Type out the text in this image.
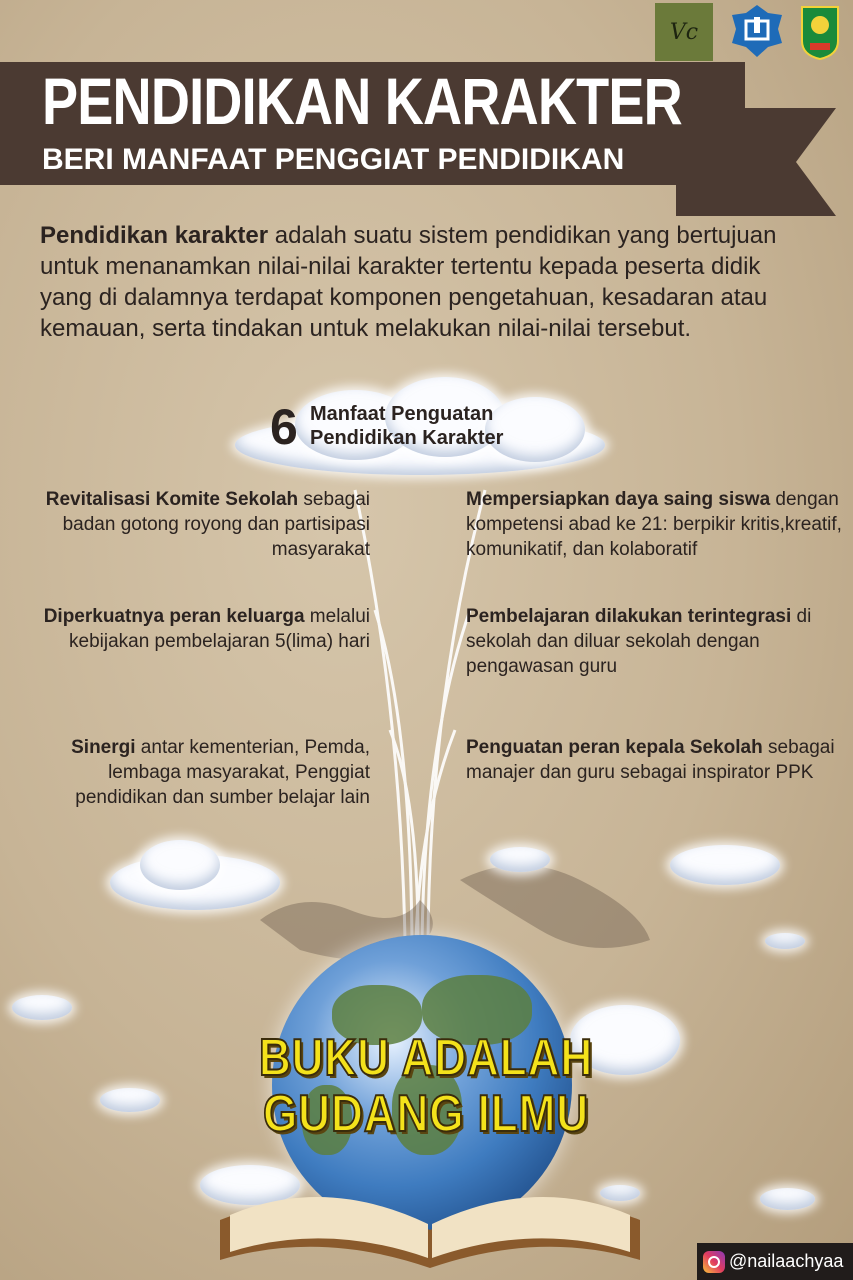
Vc
PENDIDIKAN KARAKTER
BERI MANFAAT PENGGIAT PENDIDIKAN

Pendidikan karakter adalah suatu sistem pendidikan yang bertujuan untuk menanamkan nilai-nilai karakter tertentu kepada peserta didik yang di dalamnya terdapat komponen pengetahuan, kesadaran atau kemauan, serta tindakan untuk melakukan nilai-nilai tersebut.

6 Manfaat Penguatan
Pendidikan Karakter
Revitalisasi Komite Sekolah sebagai badan gotong royong dan partisipasi masyarakat
Diperkuatnya peran keluarga melalui kebijakan pembelajaran 5(lima) hari
Sinergi antar kementerian, Pemda, lembaga masyarakat, Penggiat pendidikan dan sumber belajar lain
Mempersiapkan daya saing siswa dengan kompetensi abad ke 21: berpikir kritis,kreatif, komunikatif, dan kolaboratif
Pembelajaran dilakukan terintegrasi di sekolah dan diluar sekolah dengan pengawasan guru
Penguatan peran kepala Sekolah sebagai manajer dan guru sebagai inspirator PPK
BUKU ADALAH
GUDANG ILMU
@nailaachyaa
